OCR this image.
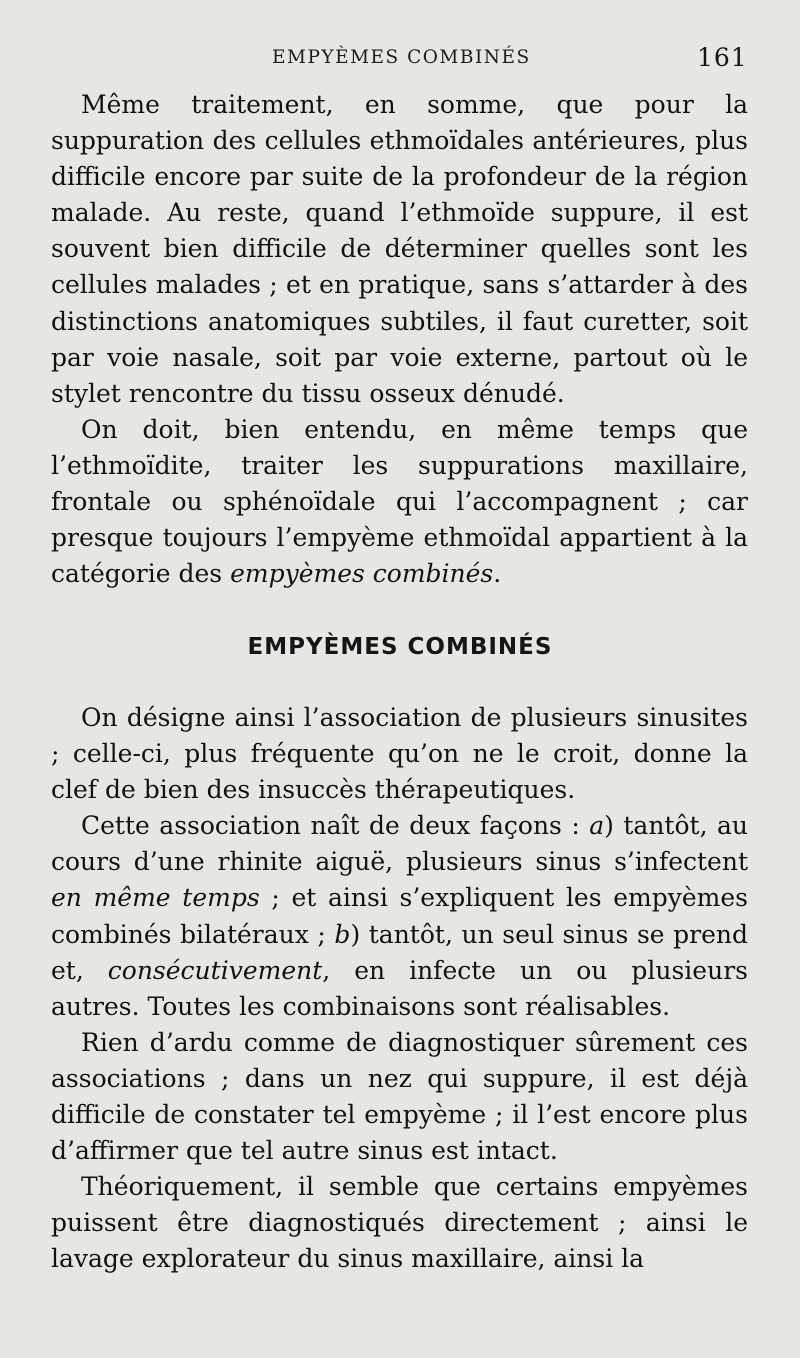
EMPYÈMES COMBINÉS	161

Même traitement, en somme, que pour la suppuration des cellules ethmoïdales antérieures, plus difficile encore par suite de la profondeur de la région malade. Au reste, quand l’ethmoïde suppure, il est souvent bien difficile de déterminer quelles sont les cellules malades ; et en pratique, sans s’attarder à des distinctions anatomiques subtiles, il faut curetter, soit par voie nasale, soit par voie externe, partout où le stylet rencontre du tissu osseux dénudé.

On doit, bien entendu, en même temps que l’ethmoïdite, traiter les suppurations maxillaire, frontale ou sphénoïdale qui l’accompagnent ; car presque toujours l’empyème ethmoïdal appartient à la catégorie des empyèmes combinés.

EMPYÈMES COMBINÉS

On désigne ainsi l’association de plusieurs sinusites ; celle-ci, plus fréquente qu’on ne le croit, donne la clef de bien des insuccès thérapeutiques.

Cette association naît de deux façons : a) tantôt, au cours d’une rhinite aiguë, plusieurs sinus s’infectent en même temps ; et ainsi s’expliquent les empyèmes combinés bilatéraux ; b) tantôt, un seul sinus se prend et, consécutivement, en infecte un ou plusieurs autres. Toutes les combinaisons sont réalisables.

Rien d’ardu comme de diagnostiquer sûrement ces associations ; dans un nez qui suppure, il est déjà difficile de constater tel empyème ; il l’est encore plus d’affirmer que tel autre sinus est intact.

Théoriquement, il semble que certains empyèmes puissent être diagnostiqués directement ; ainsi le lavage explorateur du sinus maxillaire, ainsi la
